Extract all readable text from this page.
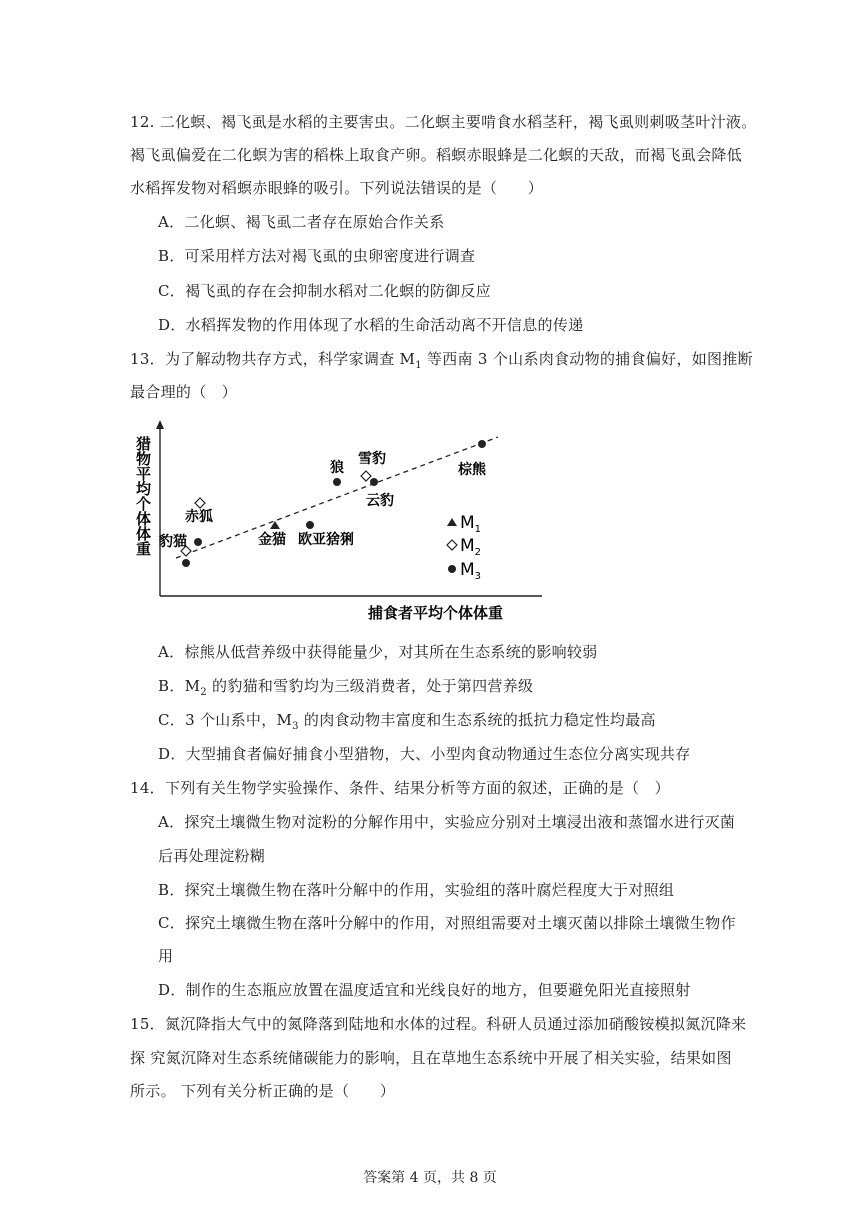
12. 二化螟、褐飞虱是水稻的主要害虫。二化螟主要啃食水稻茎秆，褐飞虱则刺吸茎叶汁液。
褐飞虱偏爱在二化螟为害的稻株上取食产卵。稻螟赤眼蜂是二化螟的天敌，而褐飞虱会降低
水稻挥发物对稻螟赤眼蜂的吸引。下列说法错误的是（　　）
A．二化螟、褐飞虱二者存在原始合作关系
B．可采用样方法对褐飞虱的虫卵密度进行调查
C．褐飞虱的存在会抑制水稻对二化螟的防御反应
D．水稻挥发物的作用体现了水稻的生命活动离不开信息的传递
13．为了解动物共存方式，科学家调查 $M_1$ 等西南 3 个山系肉食动物的捕食偏好，如图推断
最合理的（　）
猎物平均个体体重 赤狐
豹猫	金猫 欧亚猞猁
狼
雪豹
云豹
棕熊
$M_1$
$M_2$
$M_3$
捕食者平均个体体重
A．棕熊从低营养级中获得能量少，对其所在生态系统的影响较弱
B．$M_2$ 的豹猫和雪豹均为三级消费者，处于第四营养级
C．3 个山系中，$M_3$ 的肉食动物丰富度和生态系统的抵抗力稳定性均最高
D．大型捕食者偏好捕食小型猎物，大、小型肉食动物通过生态位分离实现共存
14．下列有关生物学实验操作、条件、结果分析等方面的叙述，正确的是（　）
A．探究土壤微生物对淀粉的分解作用中，实验应分别对土壤浸出液和蒸馏水进行灭菌
后再处理淀粉糊
B．探究土壤微生物在落叶分解中的作用，实验组的落叶腐烂程度大于对照组
C．探究土壤微生物在落叶分解中的作用，对照组需要对土壤灭菌以排除土壤微生物作
用
D．制作的生态瓶应放置在温度适宜和光线良好的地方，但要避免阳光直接照射
15．氮沉降指大气中的氮降落到陆地和水体的过程。科研人员通过添加硝酸铵模拟氮沉降来
探 究氮沉降对生态系统储碳能力的影响，且在草地生态系统中开展了相关实验，结果如图
所示。 下列有关分析正确的是（　　）
答案第 4 页，共 8 页
